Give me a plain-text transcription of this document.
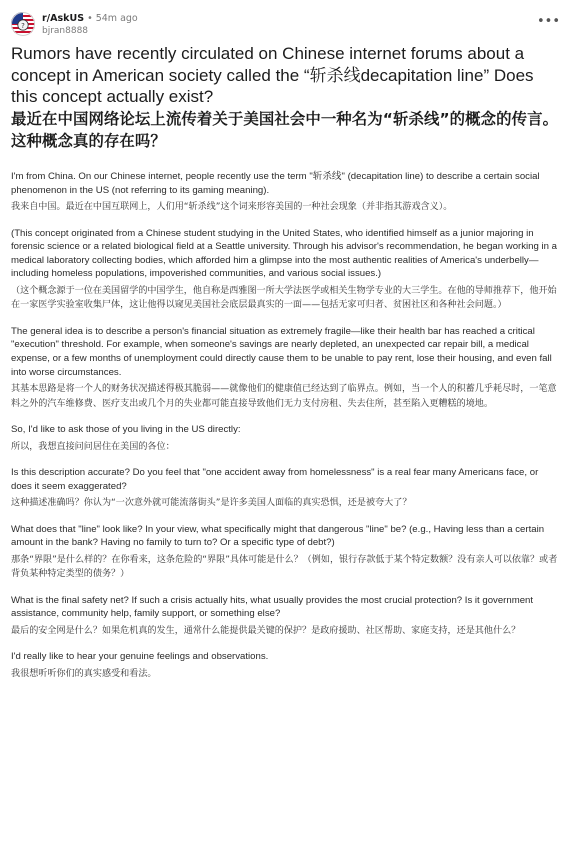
?
r/AskUS • 54m ago
bjran8888
•••
Rumors have recently circulated on Chinese internet forums about a concept in American society called the “斩杀线decapitation line” Does this concept actually exist?
最近在中国网络论坛上流传着关于美国社会中一种名为“斩杀线”的概念的传言。这种概念真的存在吗？

I'm from China. On our Chinese internet, people recently use the term "斩杀线" (decapitation line) to describe a certain social phenomenon in the US (not referring to its gaming meaning).

我来自中国。最近在中国互联网上，人们用“斩杀线”这个词来形容美国的一种社会现象（并非指其游戏含义）。

(This concept originated from a Chinese student studying in the United States, who identified himself as a junior majoring in forensic science or a related biological field at a Seattle university. Through his advisor's recommendation, he began working in a medical laboratory collecting bodies, which afforded him a glimpse into the most authentic realities of America's underbelly—including homeless populations, impoverished communities, and various social issues.)

（这个概念源于一位在美国留学的中国学生，他自称是西雅图一所大学法医学或相关生物学专业的大三学生。在他的导师推荐下，他开始在一家医学实验室收集尸体，这让他得以窥见美国社会底层最真实的一面——包括无家可归者、贫困社区和各种社会问题。）

The general idea is to describe a person's financial situation as extremely fragile—like their health bar has reached a critical "execution" threshold. For example, when someone's savings are nearly depleted, an unexpected car repair bill, a medical expense, or a few months of unemployment could directly cause them to be unable to pay rent, lose their housing, and even fall into worse circumstances.

其基本思路是将一个人的财务状况描述得极其脆弱——就像他们的健康值已经达到了临界点。例如，当一个人的积蓄几乎耗尽时，一笔意料之外的汽车维修费、医疗支出或几个月的失业都可能直接导致他们无力支付房租、失去住所，甚至陷入更糟糕的境地。

So, I'd like to ask those of you living in the US directly:

所以，我想直接问问居住在美国的各位：

Is this description accurate? Do you feel that "one accident away from homelessness" is a real fear many Americans face, or does it seem exaggerated?

这种描述准确吗？你认为“一次意外就可能流落街头”是许多美国人面临的真实恐惧，还是被夸大了？

What does that "line" look like? In your view, what specifically might that dangerous "line" be? (e.g., Having less than a certain amount in the bank? Having no family to turn to? Or a specific type of debt?)

那条“界限”是什么样的？在你看来，这条危险的“界限”具体可能是什么？（例如，银行存款低于某个特定数额？没有亲人可以依靠？或者背负某种特定类型的债务？）

What is the final safety net? If such a crisis actually hits, what usually provides the most crucial protection? Is it government assistance, community help, family support, or something else?

最后的安全网是什么？如果危机真的发生，通常什么能提供最关键的保护？是政府援助、社区帮助、家庭支持，还是其他什么？

I'd really like to hear your genuine feelings and observations.

我很想听听你们的真实感受和看法。
